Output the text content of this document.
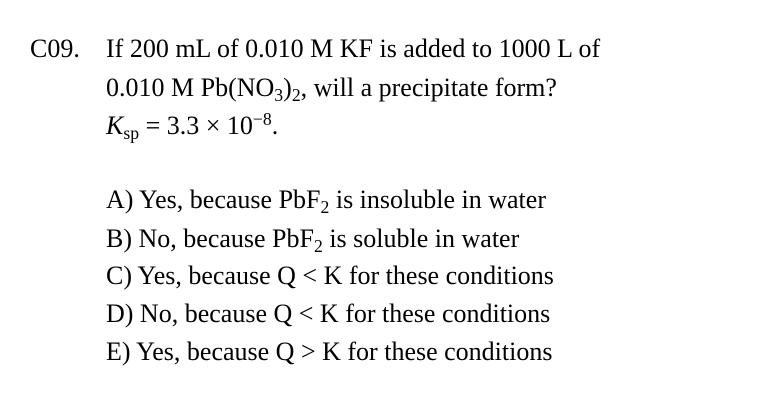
C09. If 200 mL of 0.010 M KF is added to 1000 L of
0.010 M $Pb(NO_3)_2$, will a precipitate form?
$K_{sp} = 3.3 \times 10^{-8}$.
A) Yes, because PbF$_2$ is insoluble in water
B) No, because PbF$_2$ is soluble in water
C) Yes, because Q < K for these conditions
D) No, because Q < K for these conditions
E) Yes, because Q > K for these conditions
